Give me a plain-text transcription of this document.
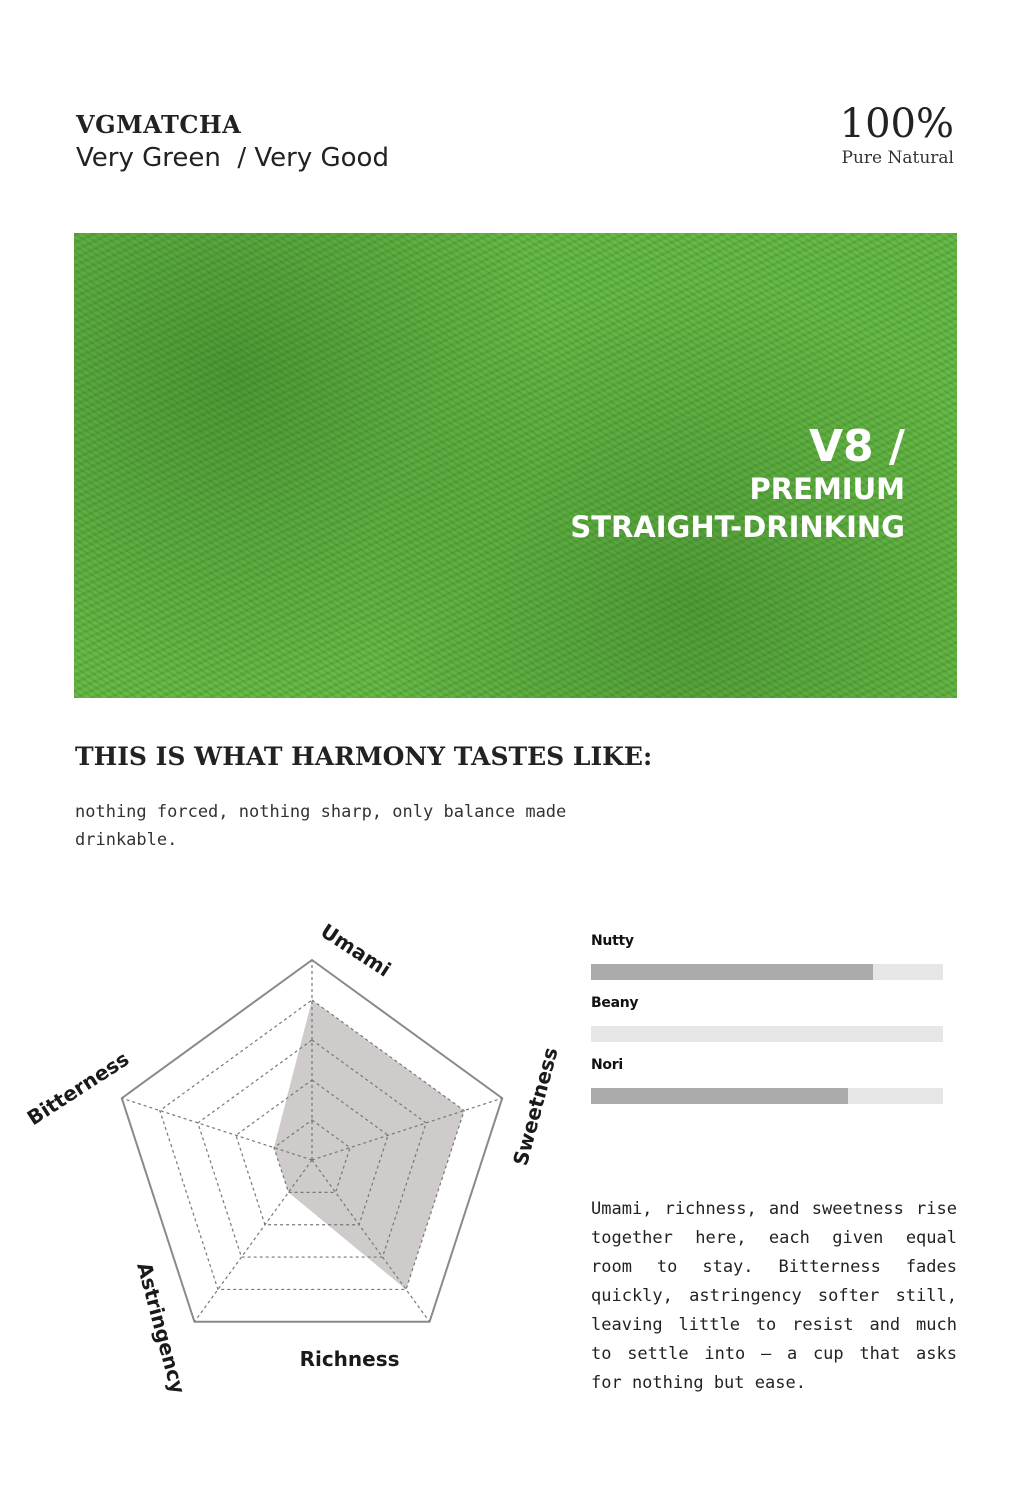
VGMATCHA
Very Green  / Very Good
100%
Pure Natural
V8 /
PREMIUM
STRAIGHT-DRINKING
THIS IS WHAT HARMONY TASTES LIKE:
nothing forced, nothing sharp, only balance made drinkable.
Umami
Sweetness
Richness
Astringency
Bitterness
Nutty
Beany
Nori
Umami, richness, and sweetness rise together here, each given equal room to stay. Bitterness fades quickly, astringency softer still, leaving little to resist and much to settle into — a cup that asks for nothing but ease.
